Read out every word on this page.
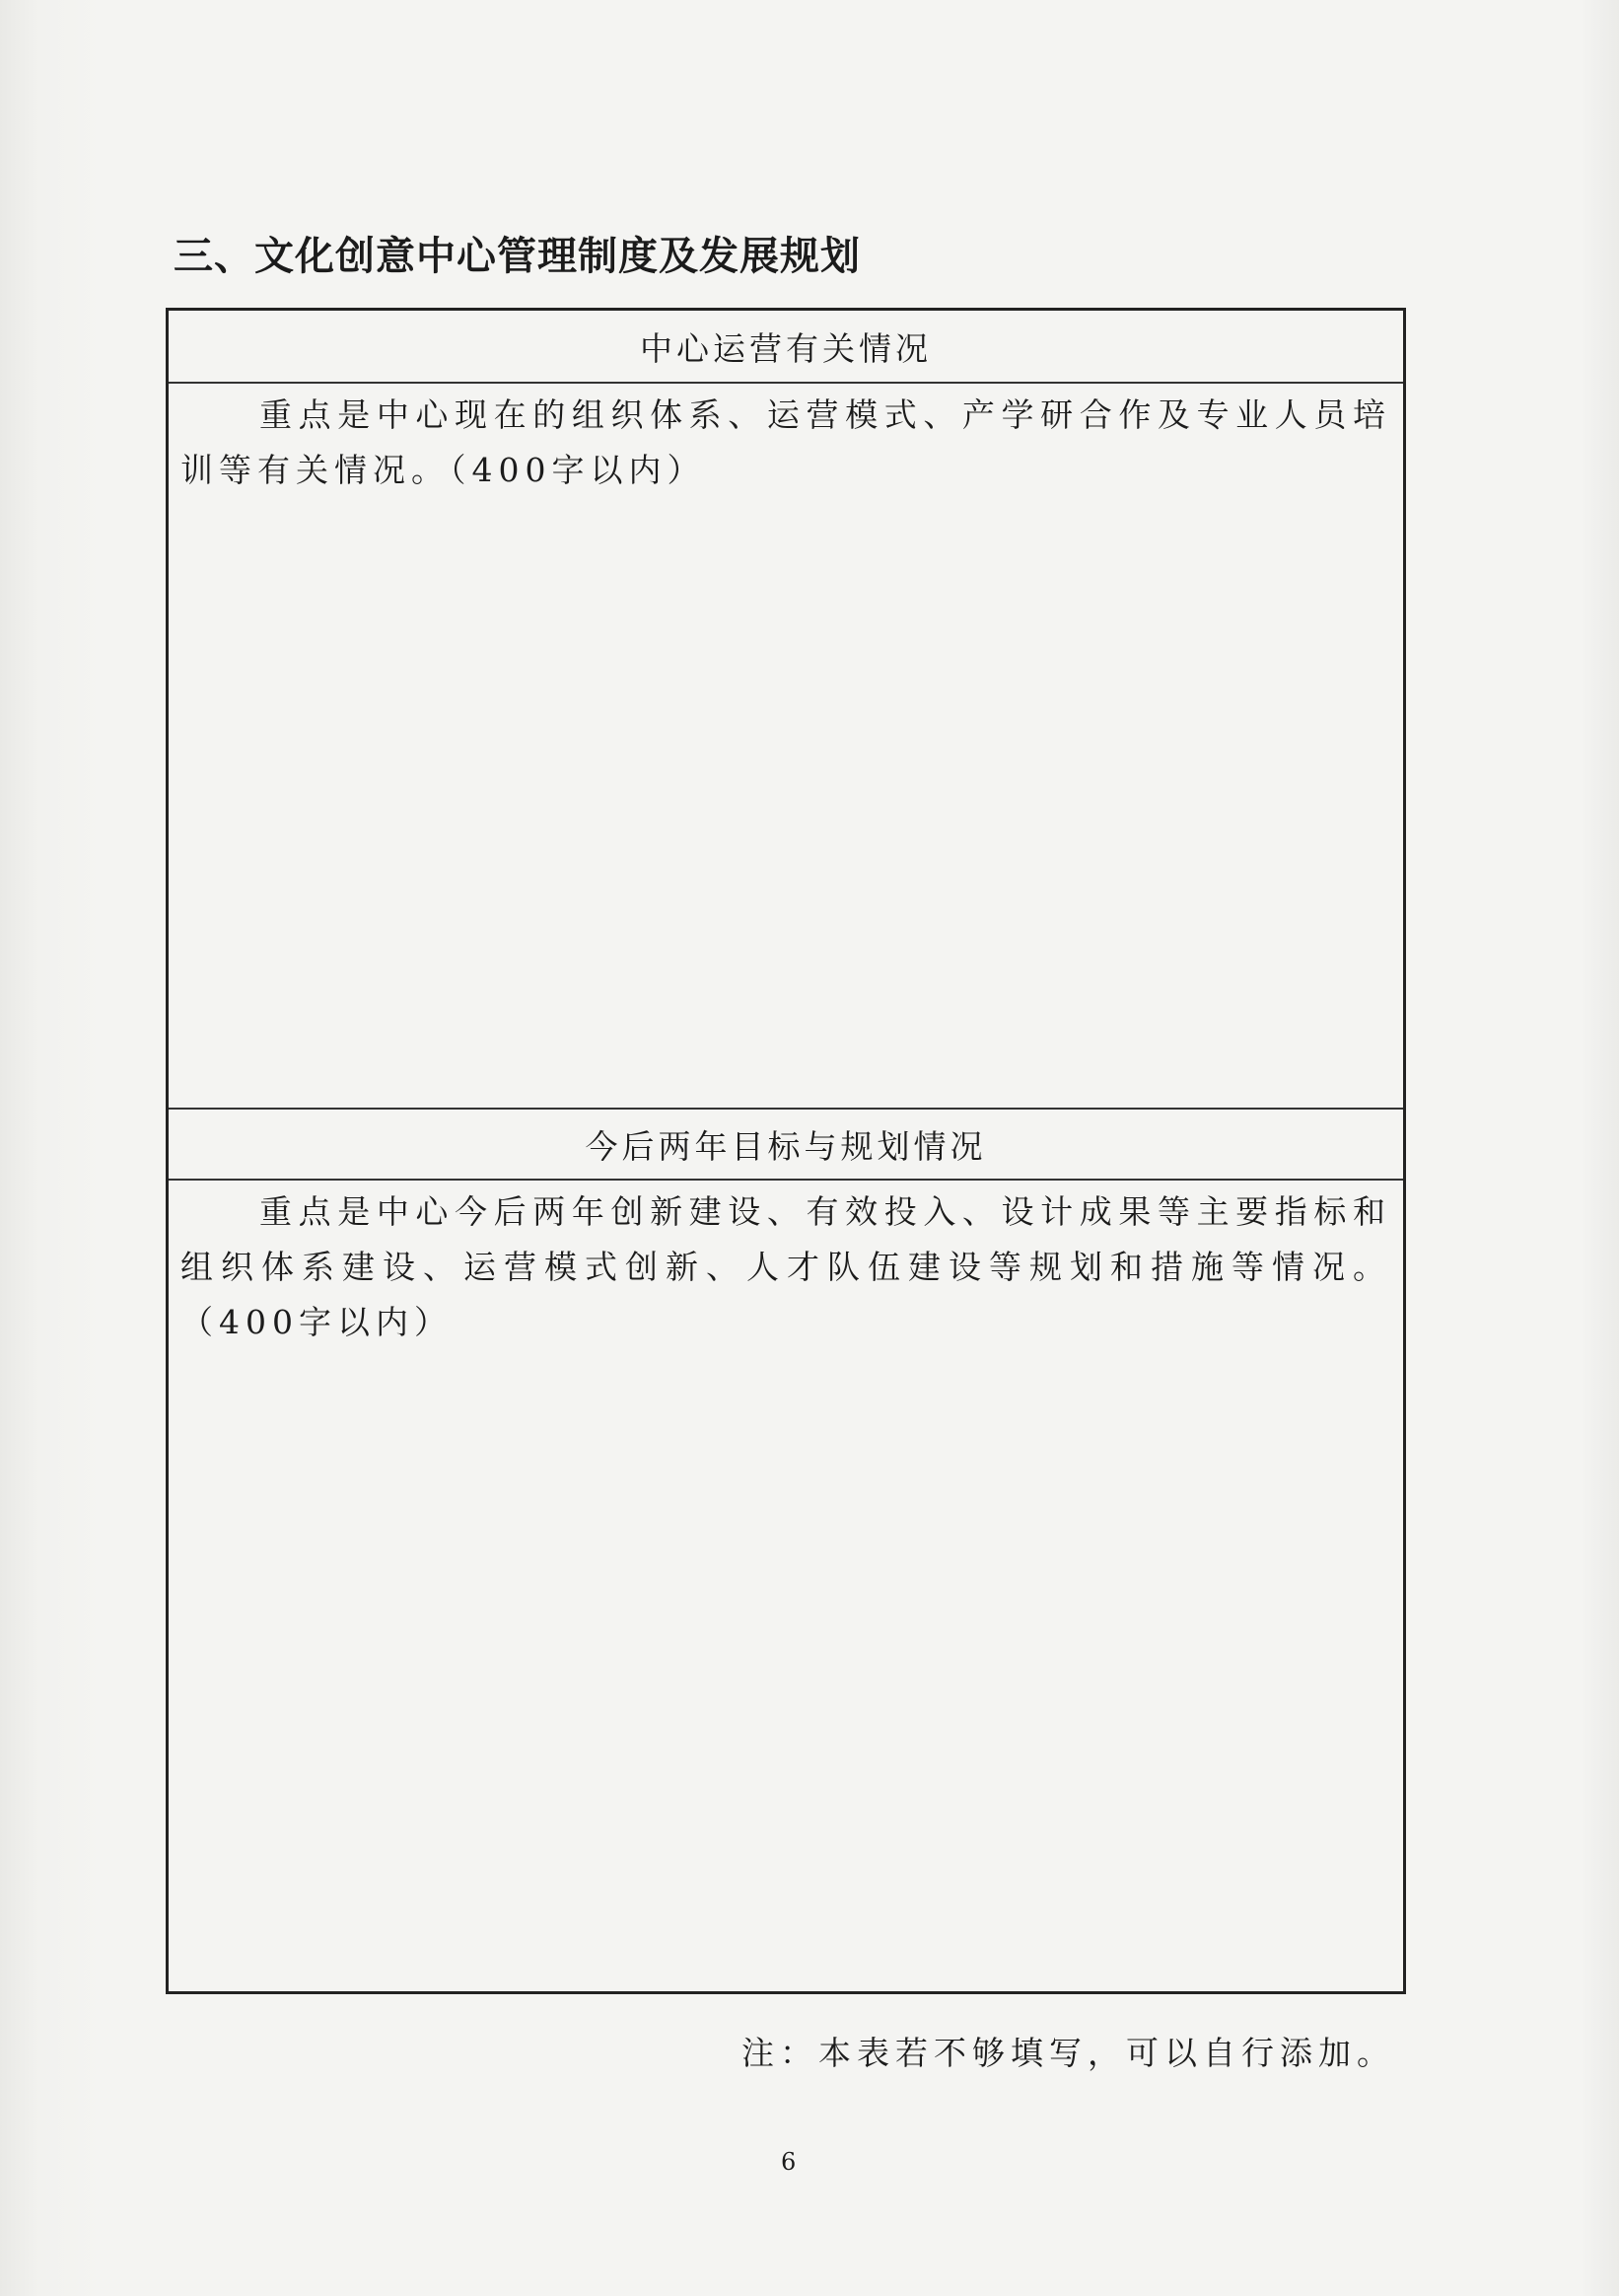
三、文化创意中心管理制度及发展规划
中心运营有关情况
重点是中心现在的组织体系、运营模式、产学研合作及专业人员培训等有关情况。（400字以内）
今后两年目标与规划情况
重点是中心今后两年创新建设、有效投入、设计成果等主要指标和组织体系建设、运营模式创新、人才队伍建设等规划和措施等情况。（400字以内）
注：本表若不够填写，可以自行添加。
6
